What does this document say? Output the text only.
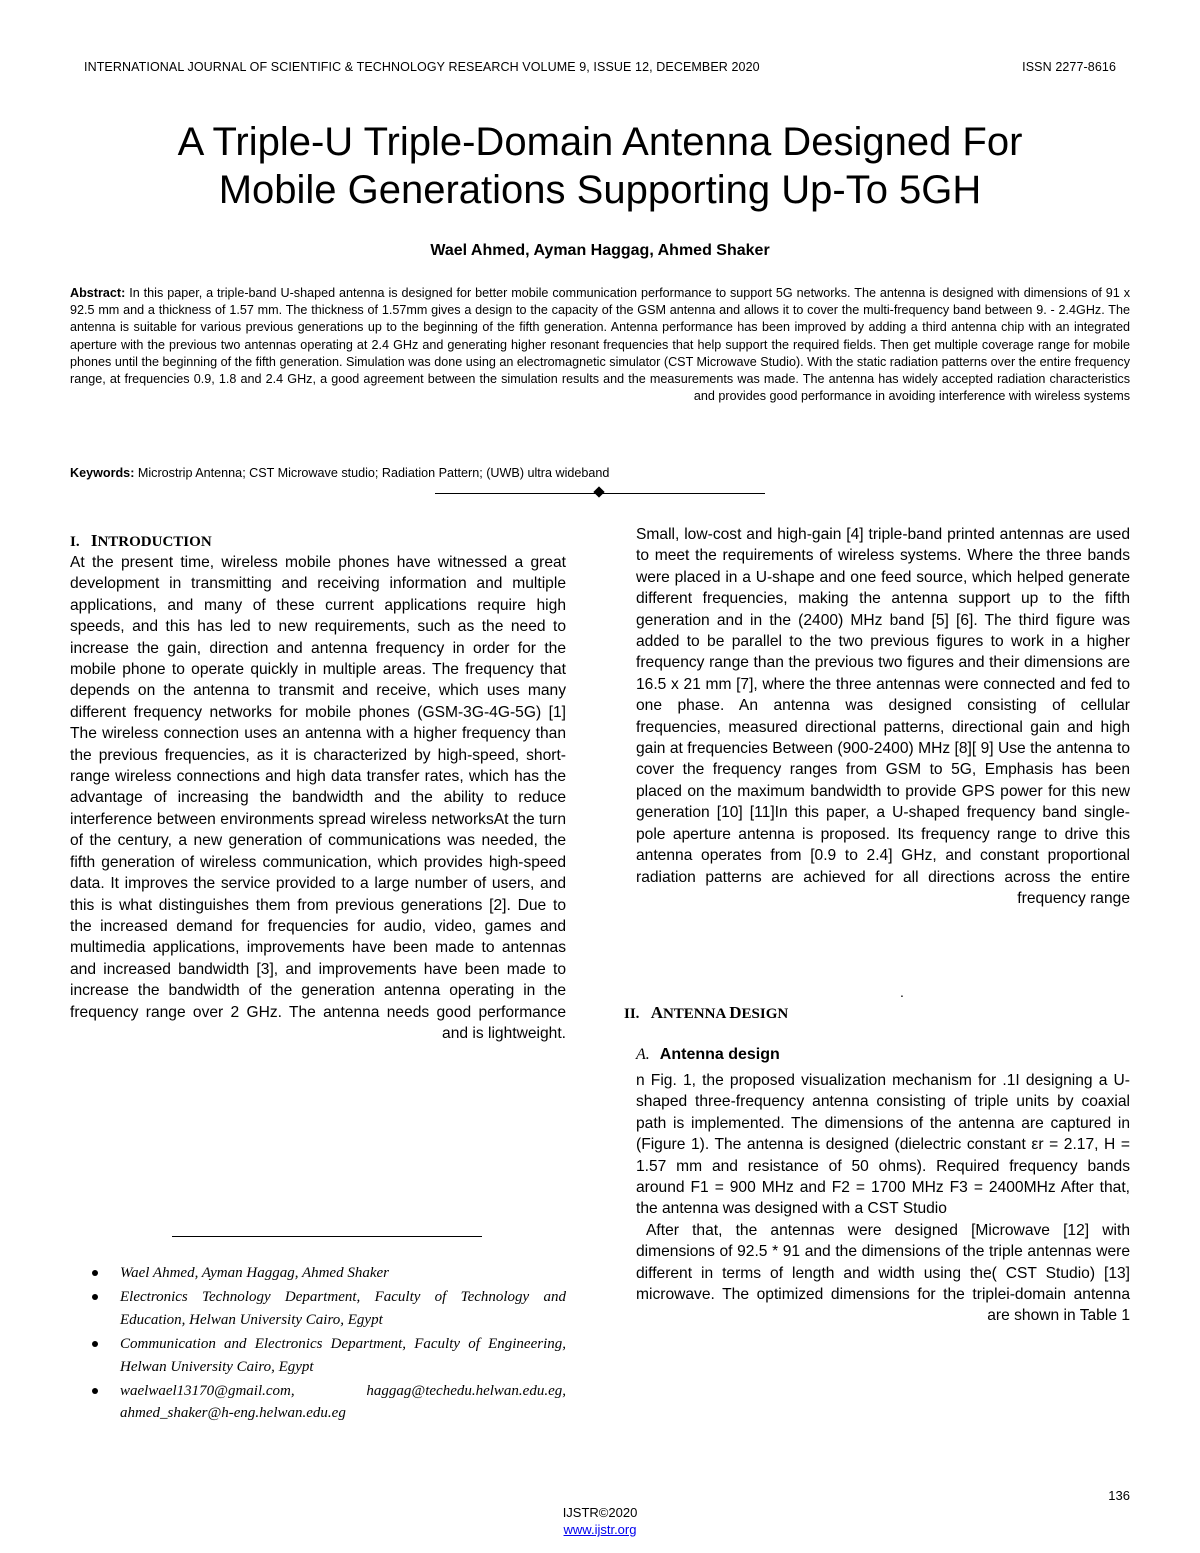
INTERNATIONAL JOURNAL OF SCIENTIFIC & TECHNOLOGY RESEARCH VOLUME 9, ISSUE 12, DECEMBER 2020	ISSN 2277-8616
A Triple-U Triple-Domain Antenna Designed For
Mobile Generations Supporting Up-To 5GH
Wael Ahmed, Ayman Haggag, Ahmed Shaker
Abstract: In this paper, a triple-band U-shaped antenna is designed for better mobile communication performance to support 5G networks. The antenna is designed with dimensions of 91 x 92.5 mm and a thickness of 1.57 mm. The thickness of 1.57mm gives a design to the capacity of the GSM antenna and allows it to cover the multi-frequency band between 9. - 2.4GHz. The antenna is suitable for various previous generations up to the beginning of the fifth generation. Antenna performance has been improved by adding a third antenna chip with an integrated aperture with the previous two antennas operating at 2.4 GHz and generating higher resonant frequencies that help support the required fields. Then get multiple coverage range for mobile phones until the beginning of the fifth generation. Simulation was done using an electromagnetic simulator (CST Microwave Studio). With the static radiation patterns over the entire frequency range, at frequencies 0.9, 1.8 and 2.4 GHz, a good agreement between the simulation results and the measurements was made. The antenna has widely accepted radiation characteristics and provides good performance in avoiding interference with wireless systems
Keywords: Microstrip Antenna; CST Microwave studio; Radiation Pattern; (UWB) ultra wideband
I. INTRODUCTION

At the present time, wireless mobile phones have witnessed a great development in transmitting and receiving information and multiple applications, and many of these current applications require high speeds, and this has led to new requirements, such as the need to increase the gain, direction and antenna frequency in order for the mobile phone to operate quickly in multiple areas. The frequency that depends on the antenna to transmit and receive, which uses many different frequency networks for mobile phones (GSM-3G-4G-5G) [1] The wireless connection uses an antenna with a higher frequency than the previous frequencies, as it is characterized by high-speed, short-range wireless connections and high data transfer rates, which has the advantage of increasing the bandwidth and the ability to reduce interference between environments spread wireless networksAt the turn of the century, a new generation of communications was needed, the fifth generation of wireless communication, which provides high-speed data. It improves the service provided to a large number of users, and this is what distinguishes them from previous generations [2]. Due to the increased demand for frequencies for audio, video, games and multimedia applications, improvements have been made to antennas and increased bandwidth [3], and improvements have been made to increase the bandwidth of the generation antenna operating in the frequency range over 2 GHz. The antenna needs good performance and is lightweight.

Small, low-cost and high-gain [4] triple-band printed antennas are used to meet the requirements of wireless systems. Where the three bands were placed in a U-shape and one feed source, which helped generate different frequencies, making the antenna support up to the fifth generation and in the (2400) MHz band [5] [6]. The third figure was added to be parallel to the two previous figures to work in a higher frequency range than the previous two figures and their dimensions are 16.5 x 21 mm [7], where the three antennas were connected and fed to one phase. An antenna was designed consisting of cellular frequencies, measured directional patterns, directional gain and high gain at frequencies Between (900-2400) MHz [8][ 9] Use the antenna to cover the frequency ranges from GSM to 5G, Emphasis has been placed on the maximum bandwidth to provide GPS power for this new generation [10] [11]In this paper, a U-shaped frequency band single-pole aperture antenna is proposed. Its frequency range to drive this antenna operates from [0.9 to 2.4] GHz, and constant proportional radiation patterns are achieved for all directions across the entire frequency range

.
II. ANTENNA DESIGN
A. Antenna design

n Fig. 1, the proposed visualization mechanism for .1I designing a U-shaped three-frequency antenna consisting of triple units by coaxial path is implemented. The dimensions of the antenna are captured in (Figure 1). The antenna is designed (dielectric constant εr = 2.17, H = 1.57 mm and resistance of 50 ohms). Required frequency bands around F1 = 900 MHz and F2 = 1700 MHz F3 = 2400MHz After that, the antenna was designed with a CST Studio

After that, the antennas were designed [Microwave [12] with dimensions of 92.5 * 91 and the dimensions of the triple antennas were different in terms of length and width using the( CST Studio) [13] microwave. The optimized dimensions for the triplei-domain antenna are shown in Table 1

Wael Ahmed, Ayman Haggag, Ahmed Shaker
Electronics Technology Department, Faculty of Technology and Education, Helwan University Cairo, Egypt
Communication and Electronics Department, Faculty of Engineering, Helwan University Cairo, Egypt
waelwael13170@gmail.com, haggag@techedu.helwan.edu.eg, ahmed_shaker@h-eng.helwan.edu.eg
136
IJSTR©2020
www.ijstr.org
